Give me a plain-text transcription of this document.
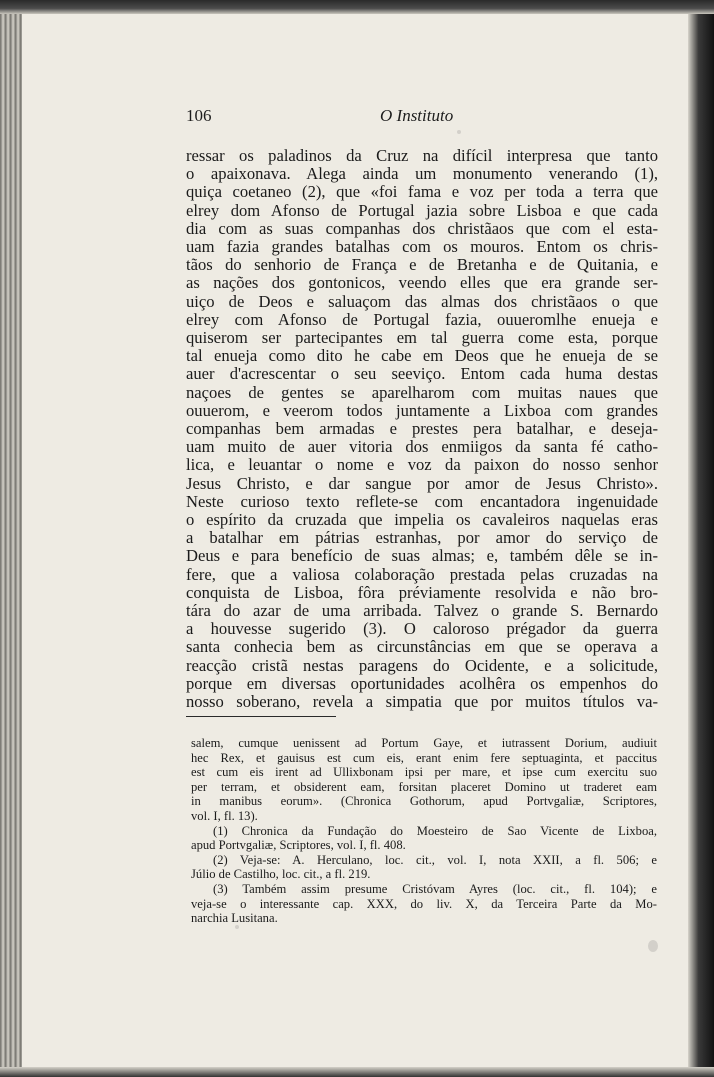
106	O Instituto
ressar os paladinos da Cruz na difícil interpresa que tanto
o apaixonava. Alega ainda um monumento venerando (1),
quiça coetaneo (2), que «foi fama e voz per toda a terra que
elrey dom Afonso de Portugal jazia sobre Lisboa e que cada
dia com as suas companhas dos christãaos que com el esta-
uam fazia grandes batalhas com os mouros. Entom os chris-
tãos do senhorio de França e de Bretanha e de Quitania, e
as nações dos gontonicos, veendo elles que era grande ser-
uiço de Deos e saluaçom das almas dos christãaos o que
elrey com Afonso de Portugal fazia, ouueromlhe enueja e
quiserom ser partecipantes em tal guerra come esta, porque
tal enueja como dito he cabe em Deos que he enueja de se
auer d'acrescentar o seu seeviço. Entom cada huma destas
naçoes de gentes se aparelharom com muitas naues que
ouuerom, e veerom todos juntamente a Lixboa com grandes
companhas bem armadas e prestes pera batalhar, e deseja-
uam muito de auer vitoria dos enmiigos da santa fé catho-
lica, e leuantar o nome e voz da paixon do nosso senhor
Jesus Christo, e dar sangue por amor de Jesus Christo».
Neste curioso texto reflete-se com encantadora ingenuidade
o espírito da cruzada que impelia os cavaleiros naquelas eras
a batalhar em pátrias estranhas, por amor do serviço de
Deus e para benefício de suas almas; e, também dêle se in-
fere, que a valiosa colaboração prestada pelas cruzadas na
conquista de Lisboa, fôra préviamente resolvida e não bro-
tára do azar de uma arribada. Talvez o grande S. Bernardo
a houvesse sugerido (3). O caloroso prégador da guerra
santa conhecia bem as circunstâncias em que se operava a
reacção cristã nestas paragens do Ocidente, e a solicitude,
porque em diversas oportunidades acolhêra os empenhos do
nosso soberano, revela a simpatia que por muitos títulos va-
salem, cumque uenissent ad Portum Gaye, et iutrassent Dorium, audiuit
hec Rex, et gauisus est cum eis, erant enim fere septuaginta, et paccitus
est cum eis irent ad Ullixbonam ipsi per mare, et ipse cum exercitu suo
per terram, et obsiderent eam, forsitan placeret Domino ut traderet eam
in manibus eorum». (Chronica Gothorum, apud Portvgaliæ, Scriptores,
vol. I, fl. 13).
(1) Chronica da Fundação do Moesteiro de Sao Vicente de Lixboa,
apud Portvgaliæ, Scriptores, vol. I, fl. 408.
(2) Veja-se: A. Herculano, loc. cit., vol. I, nota XXII, a fl. 506; e
Júlio de Castilho, loc. cit., a fl. 219.
(3) Também assim presume Cristóvam Ayres (loc. cit., fl. 104); e
veja-se o interessante cap. XXX, do liv. X, da Terceira Parte da Mo-
narchia Lusitana.
